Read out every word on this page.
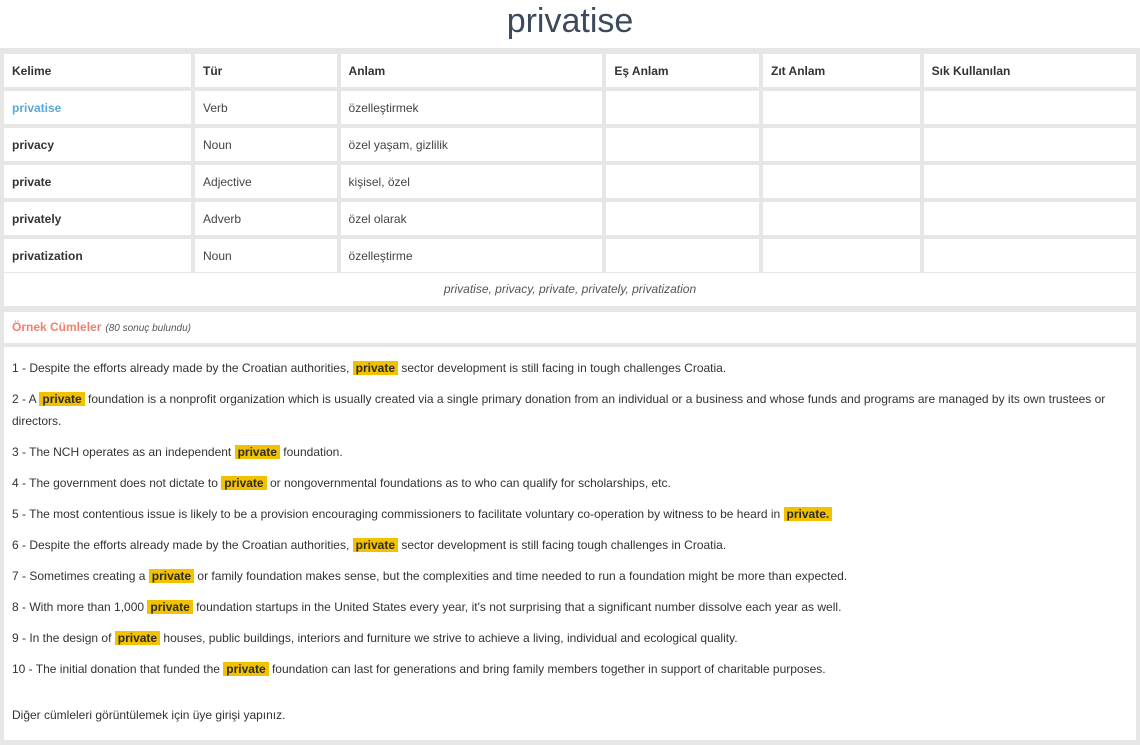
privatise
Kelime	Tür	Anlam	Eş Anlam	Zıt Anlam	Sık Kullanılan
privatise	Verb	özelleştirmek			
privacy	Noun	özel yaşam, gizlilik			
private	Adjective	kişisel, özel			
privately	Adverb	özel olarak			
privatization	Noun	özelleştirme			
privatise, privacy, private, privately, privatization
Örnek Cümleler (80 sonuç bulundu)

1 - Despite the efforts already made by the Croatian authorities, private sector development is still facing in tough challenges Croatia.

2 - A private foundation is a nonprofit organization which is usually created via a single primary donation from an individual or a business and whose funds and programs are managed by its own trustees or directors.

3 - The NCH operates as an independent private foundation.

4 - The government does not dictate to private or nongovernmental foundations as to who can qualify for scholarships, etc.

5 - The most contentious issue is likely to be a provision encouraging commissioners to facilitate voluntary co-operation by witness to be heard in private.

6 - Despite the efforts already made by the Croatian authorities, private sector development is still facing tough challenges in Croatia.

7 - Sometimes creating a private or family foundation makes sense, but the complexities and time needed to run a foundation might be more than expected.

8 - With more than 1,000 private foundation startups in the United States every year, it's not surprising that a significant number dissolve each year as well.

9 - In the design of private houses, public buildings, interiors and furniture we strive to achieve a living, individual and ecological quality.

10 - The initial donation that funded the private foundation can last for generations and bring family members together in support of charitable purposes.

Diğer cümleleri görüntülemek için üye girişi yapınız.
